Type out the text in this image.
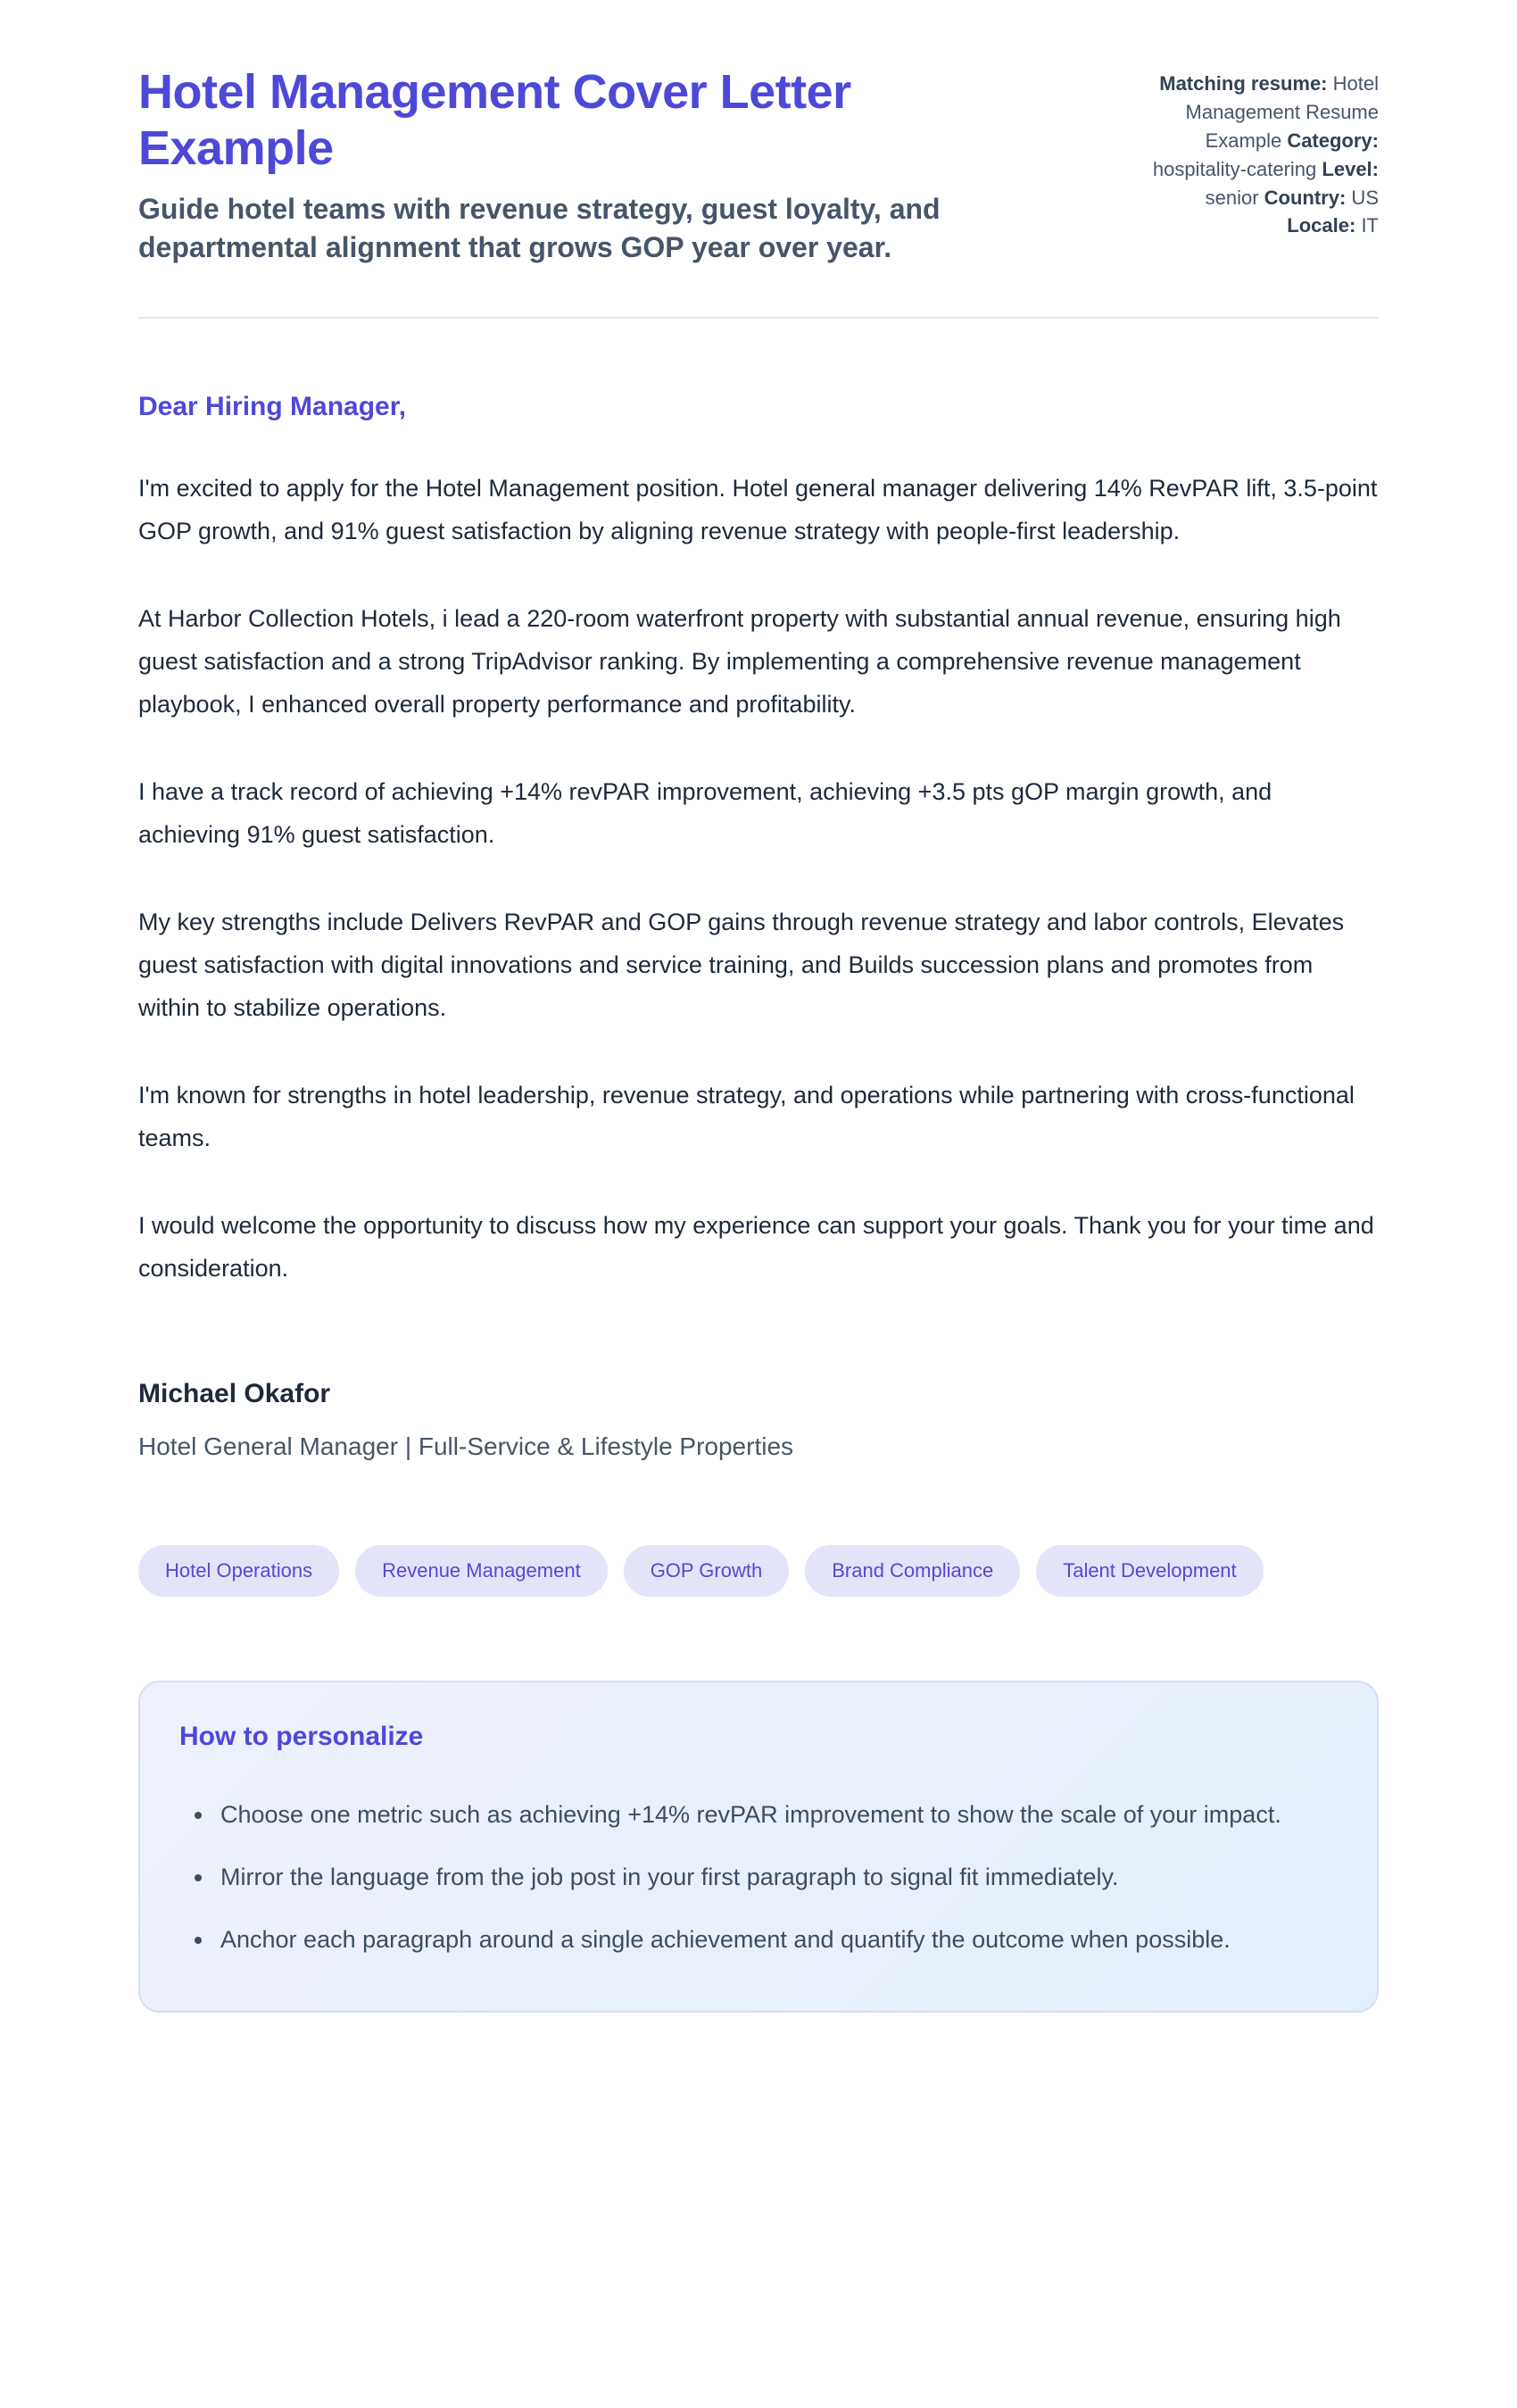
Hotel Management Cover Letter Example
Guide hotel teams with revenue strategy, guest loyalty, and departmental alignment that grows GOP year over year.
Matching resume: Hotel Management Resume Example Category: hospitality-catering Level: senior Country: US Locale: IT
Dear Hiring Manager,

I'm excited to apply for the Hotel Management position. Hotel general manager delivering 14% RevPAR lift, 3.5-point GOP growth, and 91% guest satisfaction by aligning revenue strategy with people-first leadership.

At Harbor Collection Hotels, i lead a 220-room waterfront property with substantial annual revenue, ensuring high guest satisfaction and a strong TripAdvisor ranking. By implementing a comprehensive revenue management playbook, I enhanced overall property performance and profitability.

I have a track record of achieving +14% revPAR improvement, achieving +3.5 pts gOP margin growth, and achieving 91% guest satisfaction.

My key strengths include Delivers RevPAR and GOP gains through revenue strategy and labor controls, Elevates guest satisfaction with digital innovations and service training, and Builds succession plans and promotes from within to stabilize operations.

I'm known for strengths in hotel leadership, revenue strategy, and operations while partnering with cross-functional teams.

I would welcome the opportunity to discuss how my experience can support your goals. Thank you for your time and consideration.

Michael Okafor
Hotel General Manager | Full-Service & Lifestyle Properties
Hotel Operations	Revenue Management	GOP Growth	Brand Compliance	Talent Development
How to personalize
• Choose one metric such as achieving +14% revPAR improvement to show the scale of your impact.
• Mirror the language from the job post in your first paragraph to signal fit immediately.
• Anchor each paragraph around a single achievement and quantify the outcome when possible.
